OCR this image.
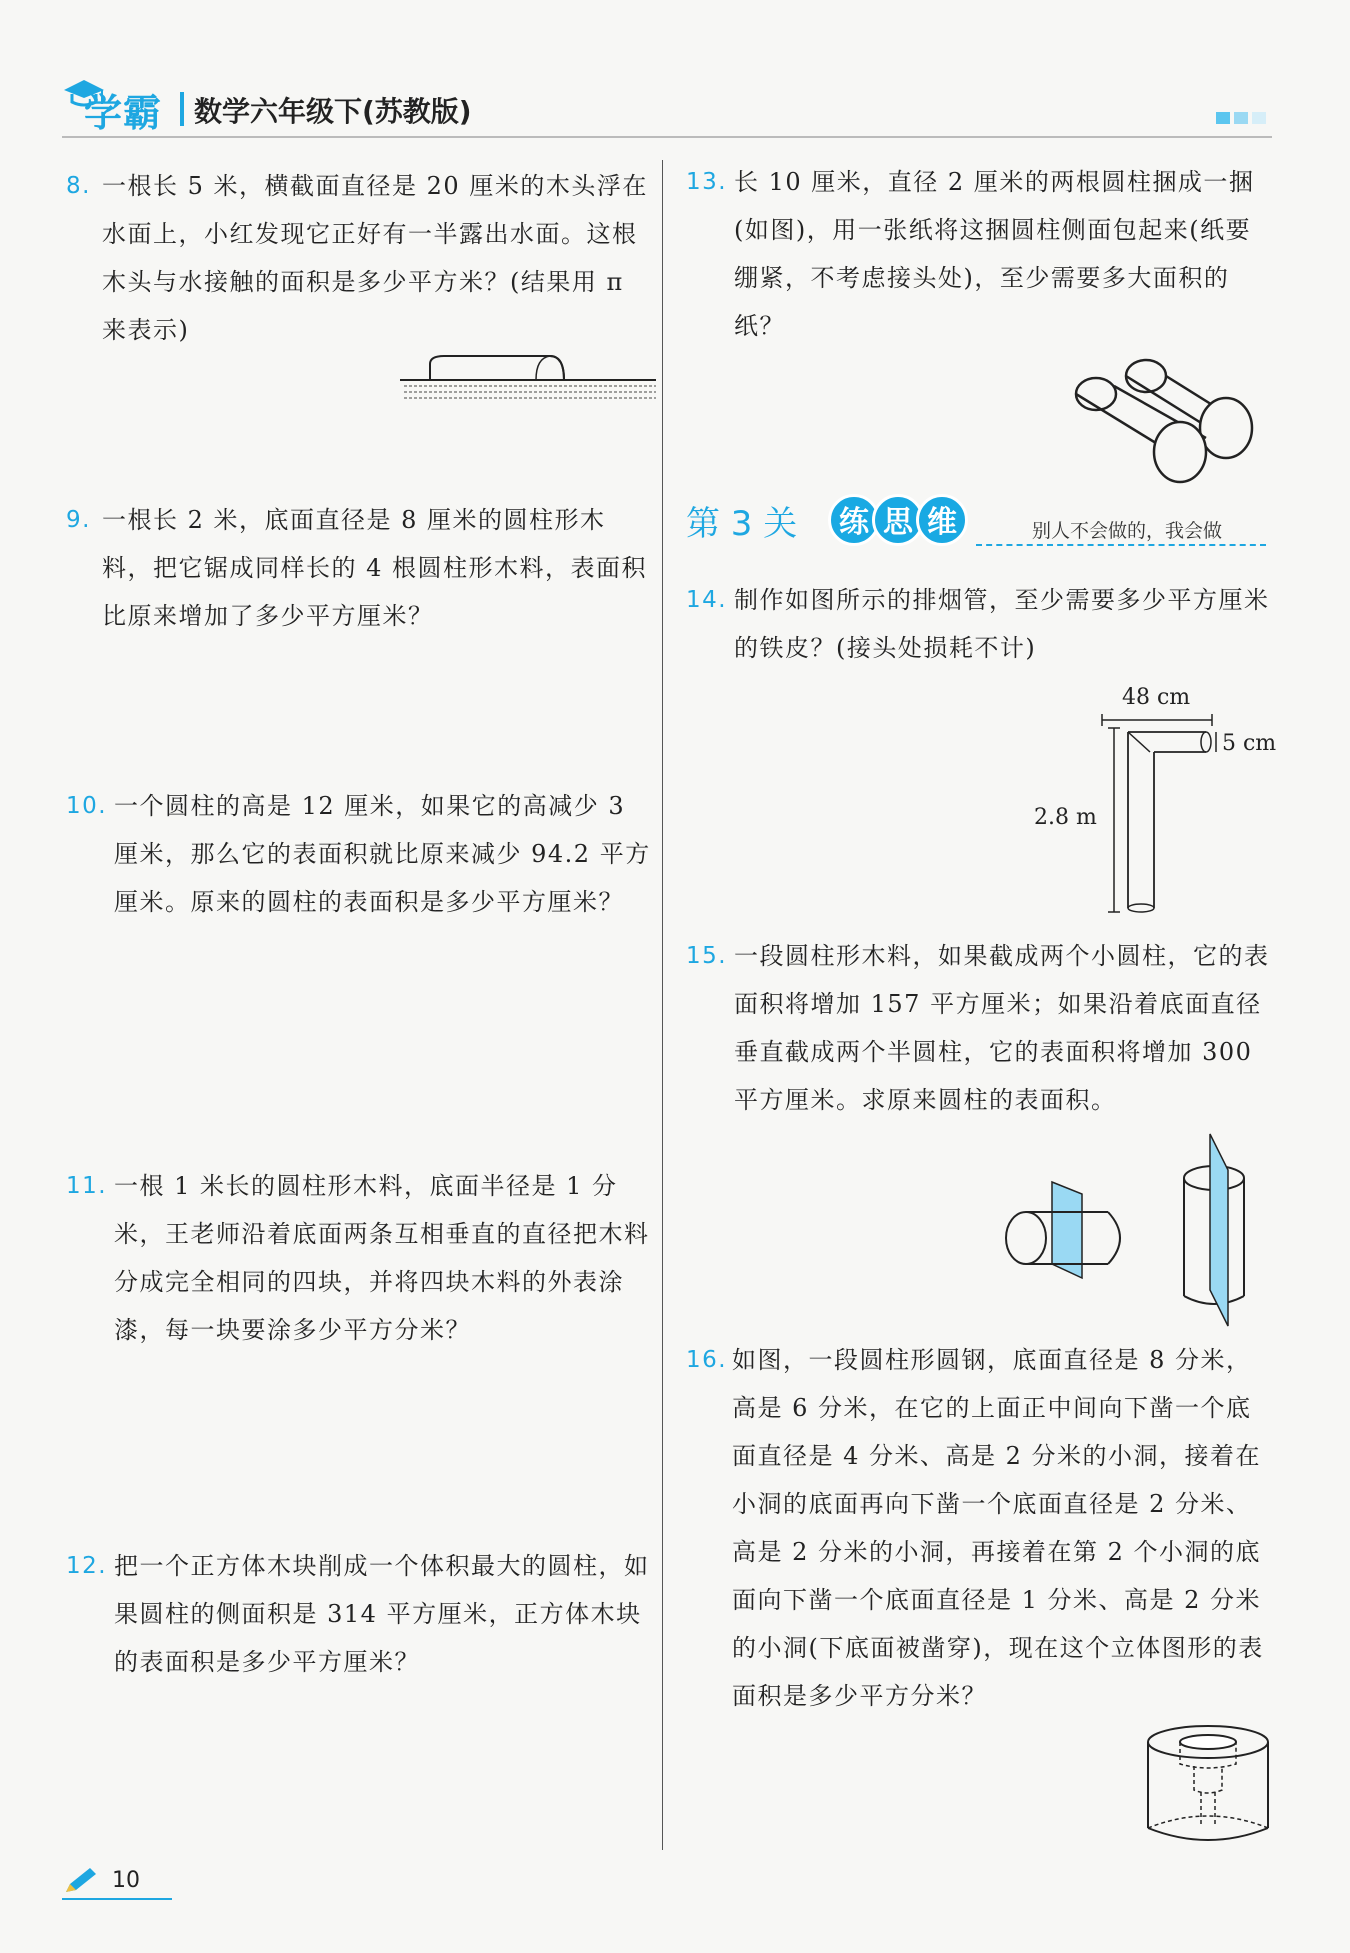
学霸 数学六年级下(苏教版)
8. 一根长 5 米，横截面直径是 20 厘米的木头浮在水面上，小红发现它正好有一半露出水面。这根木头与水接触的面积是多少平方米？(结果用 π 来表示)
9. 一根长 2 米，底面直径是 8 厘米的圆柱形木料，把它锯成同样长的 4 根圆柱形木料，表面积比原来增加了多少平方厘米？
10. 一个圆柱的高是 12 厘米，如果它的高减少 3 厘米，那么它的表面积就比原来减少 94.2 平方厘米。原来的圆柱的表面积是多少平方厘米？
11. 一根 1 米长的圆柱形木料，底面半径是 1 分米，王老师沿着底面两条互相垂直的直径把木料分成完全相同的四块，并将四块木料的外表涂漆，每一块要涂多少平方分米？
12. 把一个正方体木块削成一个体积最大的圆柱，如果圆柱的侧面积是 314 平方厘米，正方体木块的表面积是多少平方厘米？
13. 长 10 厘米，直径 2 厘米的两根圆柱捆成一捆(如图)，用一张纸将这捆圆柱侧面包起来(纸要绷紧，不考虑接头处)，至少需要多大面积的纸？
第 3 关	练 思 维	别人不会做的，我会做
14. 制作如图所示的排烟管，至少需要多少平方厘米的铁皮？(接头处损耗不计)
48 cm
5 cm
2.8 m
15. 一段圆柱形木料，如果截成两个小圆柱，它的表面积将增加 157 平方厘米；如果沿着底面直径垂直截成两个半圆柱，它的表面积将增加 300 平方厘米。求原来圆柱的表面积。
16. 如图，一段圆柱形圆钢，底面直径是 8 分米，高是 6 分米，在它的上面正中间向下凿一个底面直径是 4 分米、高是 2 分米的小洞，接着在小洞的底面再向下凿一个底面直径是 2 分米、高是 2 分米的小洞，再接着在第 2 个小洞的底面向下凿一个底面直径是 1 分米、高是 2 分米的小洞(下底面被凿穿)，现在这个立体图形的表面积是多少平方分米？
10
